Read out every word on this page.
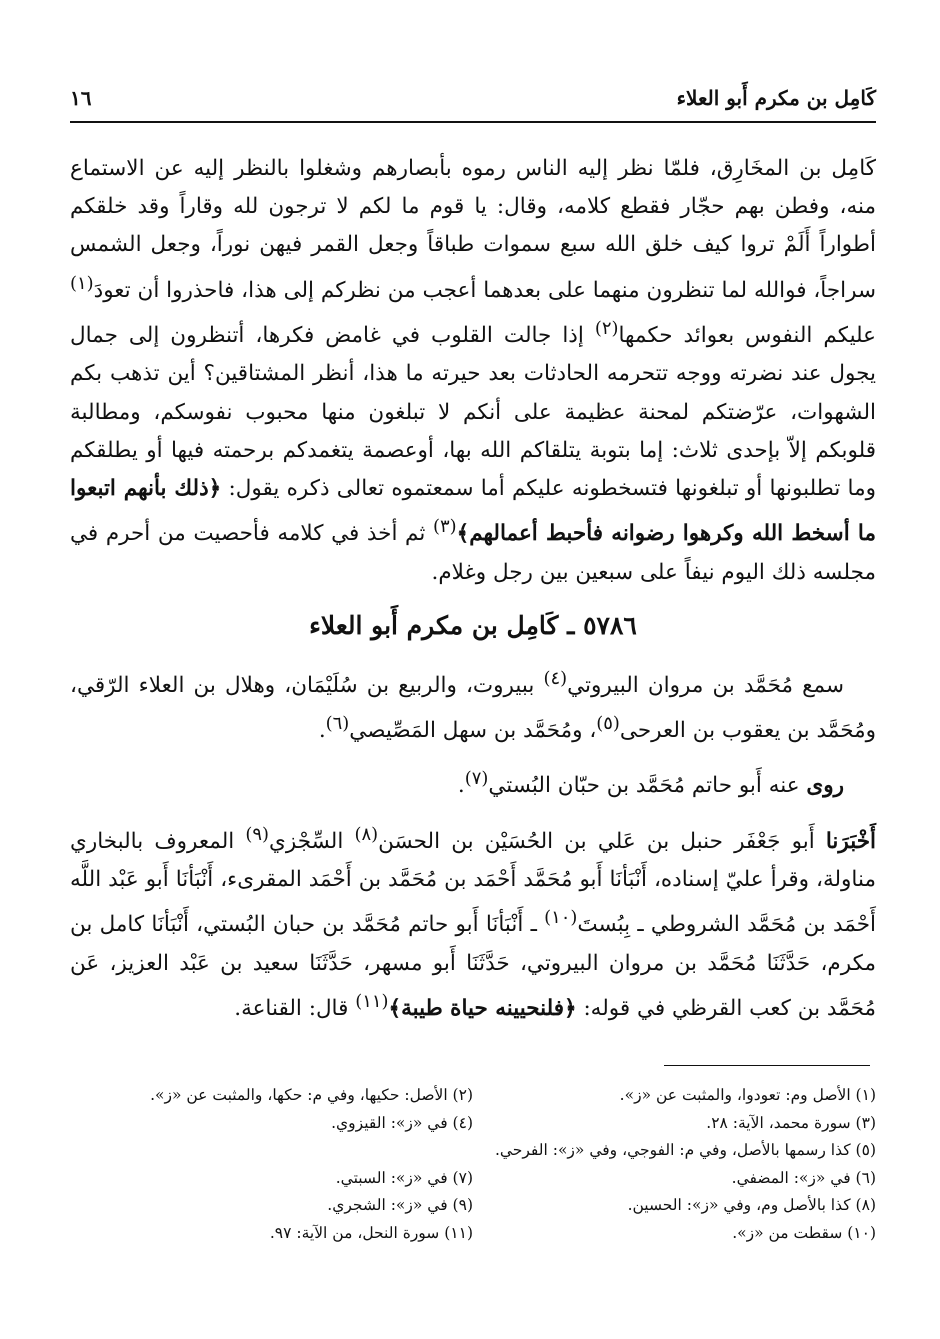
١٦	كَامِل بن مكرم أَبو العلاء

كَامِل بن المخَارِق، فلمّا نظر إليه الناس رموه بأبصارهم وشغلوا بالنظر إليه عن الاستماع منه، وفطن بهم حجّار فقطع كلامه، وقال: يا قوم ما لكم لا ترجون لله وقاراً وقد خلقكم أطواراً أَلَمْ تروا كيف خلق الله سبع سموات طباقاً وجعل القمر فيهن نوراً، وجعل الشمس سراجاً، فوالله لما تنظرون منهما على بعدهما أعجب من نظركم إلى هذا، فاحذروا أن تعودَ$^{(١)}$ عليكم النفوس بعوائد حكمها$^{(٢)}$ إذا جالت القلوب في غامض فكرها، أتنظرون إلى جمال يجول عند نضرته ووجه تتحرمه الحادثات بعد حيرته ما هذا، أنظر المشتاقين؟ أين تذهب بكم الشهوات، عرّضتكم لمحنة عظيمة على أنكم لا تبلغون منها محبوب نفوسكم، ومطالبة قلوبكم إلاّ بإحدى ثلاث: إما بتوبة يتلقاكم الله بها، أوعصمة يتغمدكم برحمته فيها أو يطلقكم وما تطلبونها أو تبلغونها فتسخطونه عليكم أما سمعتموه تعالى ذكره يقول: ﴿ذلك بأنهم اتبعوا ما أسخط الله وكرهوا رضوانه فأحبط أعمالهم﴾$^{(٣)}$ ثم أخذ في كلامه فأحصيت من أحرم في مجلسه ذلك اليوم نيفاً على سبعين بين رجل وغلام.

٥٧٨٦ ـ كَامِل بن مكرم أَبو العلاء

سمع مُحَمَّد بن مروان البيروتي$^{(٤)}$ ببيروت، والربيع بن سُلَيْمَان، وهلال بن العلاء الرّقي، ومُحَمَّد بن يعقوب بن العرحى$^{(٥)}$، ومُحَمَّد بن سهل المَصِّيصي$^{(٦)}$.

روى عنه أَبو حاتم مُحَمَّد بن حبّان البُستي$^{(٧)}$.

أَخْبَرَنا أَبو جَعْفَر حنبل بن عَلي بن الحُسَيْن بن الحسَن$^{(٨)}$ السِّجْزي$^{(٩)}$ المعروف بالبخاري مناولة، وقرأ عليّ إسناده، أَنْبَأنَا أَبو مُحَمَّد أَحْمَد بن مُحَمَّد بن أَحْمَد المقرىء، أَنْبَأنَا أَبو عَبْد اللَّه أَحْمَد بن مُحَمَّد الشروطي ـ بِبُستَ$^{(١٠)}$ ـ أَنْبَأنَا أَبو حاتم مُحَمَّد بن حبان البُستي، أَنْبَأنَا كامل بن مكرم، حَدَّثَنَا مُحَمَّد بن مروان البيروتي، حَدَّثَنَا أَبو مسهر، حَدَّثَنَا سعيد بن عَبْد العزيز، عَن مُحَمَّد بن كعب القرظي في قوله: ﴿فلنحيينه حياة طيبة﴾$^{(١١)}$ قال: القناعة.

(١) الأصل وم: تعودوا، والمثبت عن «ز».
(٢) الأصل: حكيها، وفي م: حكها، والمثبت عن «ز».
(٣) سورة محمد، الآية: ٢٨.
(٤) في «ز»: القيزوي.
(٥) كذا رسمها بالأصل، وفي م: الفوجي، وفي «ز»: الفرحي.
(٦) في «ز»: المضفي.
(٧) في «ز»: السبتي.
(٨) كذا بالأصل وم، وفي «ز»: الحسين.
(٩) في «ز»: الشجري.
(١٠) سقطت من «ز».
(١١) سورة النحل، من الآية: ٩٧.
